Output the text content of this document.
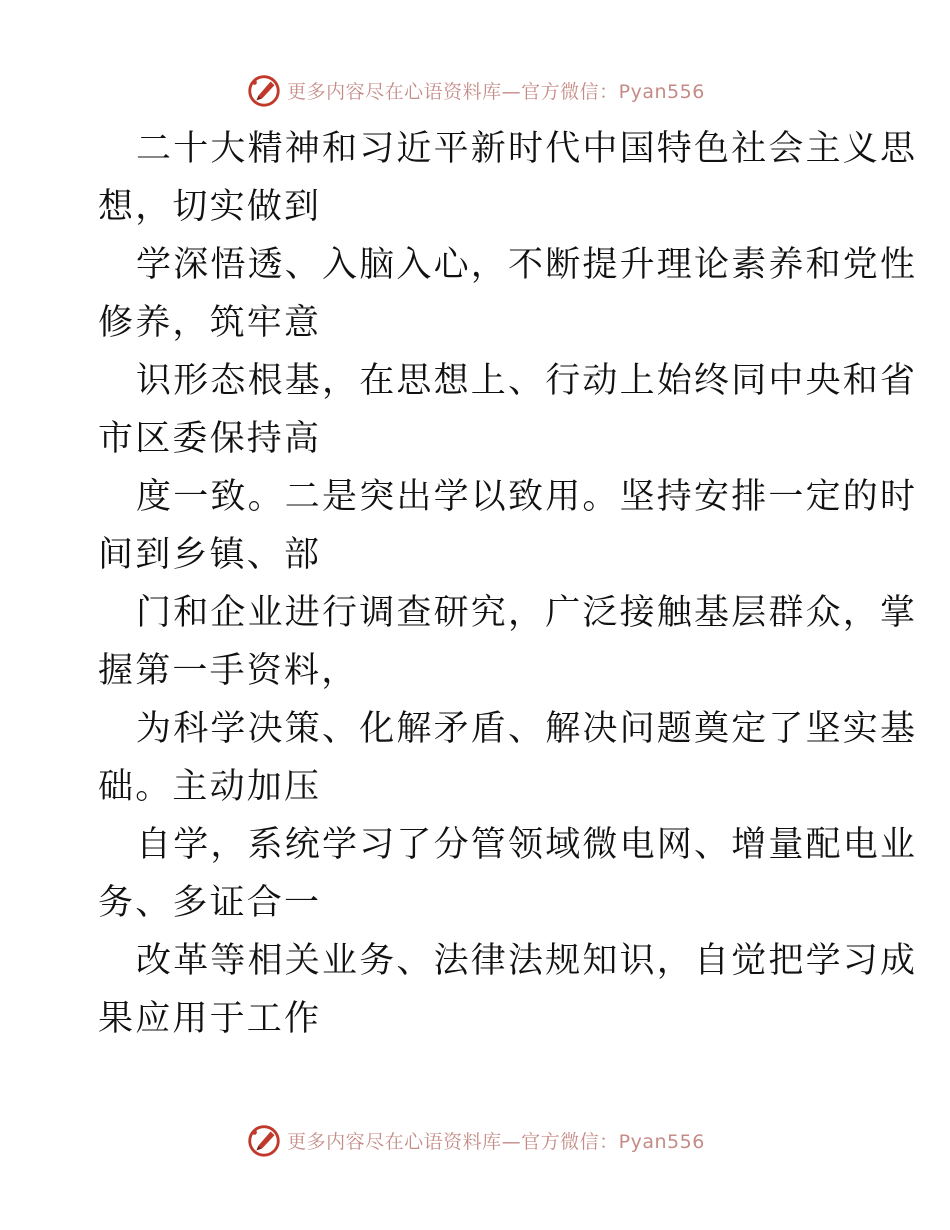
更多内容尽在心语资料库—官方微信：Pyan556

二十大精神和习近平新时代中国特色社会主义思

想，切实做到

学深悟透、入脑入心，不断提升理论素养和党性

修养，筑牢意

识形态根基，在思想上、行动上始终同中央和省

市区委保持高

度一致。二是突出学以致用。坚持安排一定的时

间到乡镇、部

门和企业进行调查研究，广泛接触基层群众，掌

握第一手资料，

为科学决策、化解矛盾、解决问题奠定了坚实基

础。主动加压

自学，系统学习了分管领域微电网、增量配电业

务、多证合一

改革等相关业务、法律法规知识，自觉把学习成

果应用于工作

更多内容尽在心语资料库—官方微信：Pyan556
